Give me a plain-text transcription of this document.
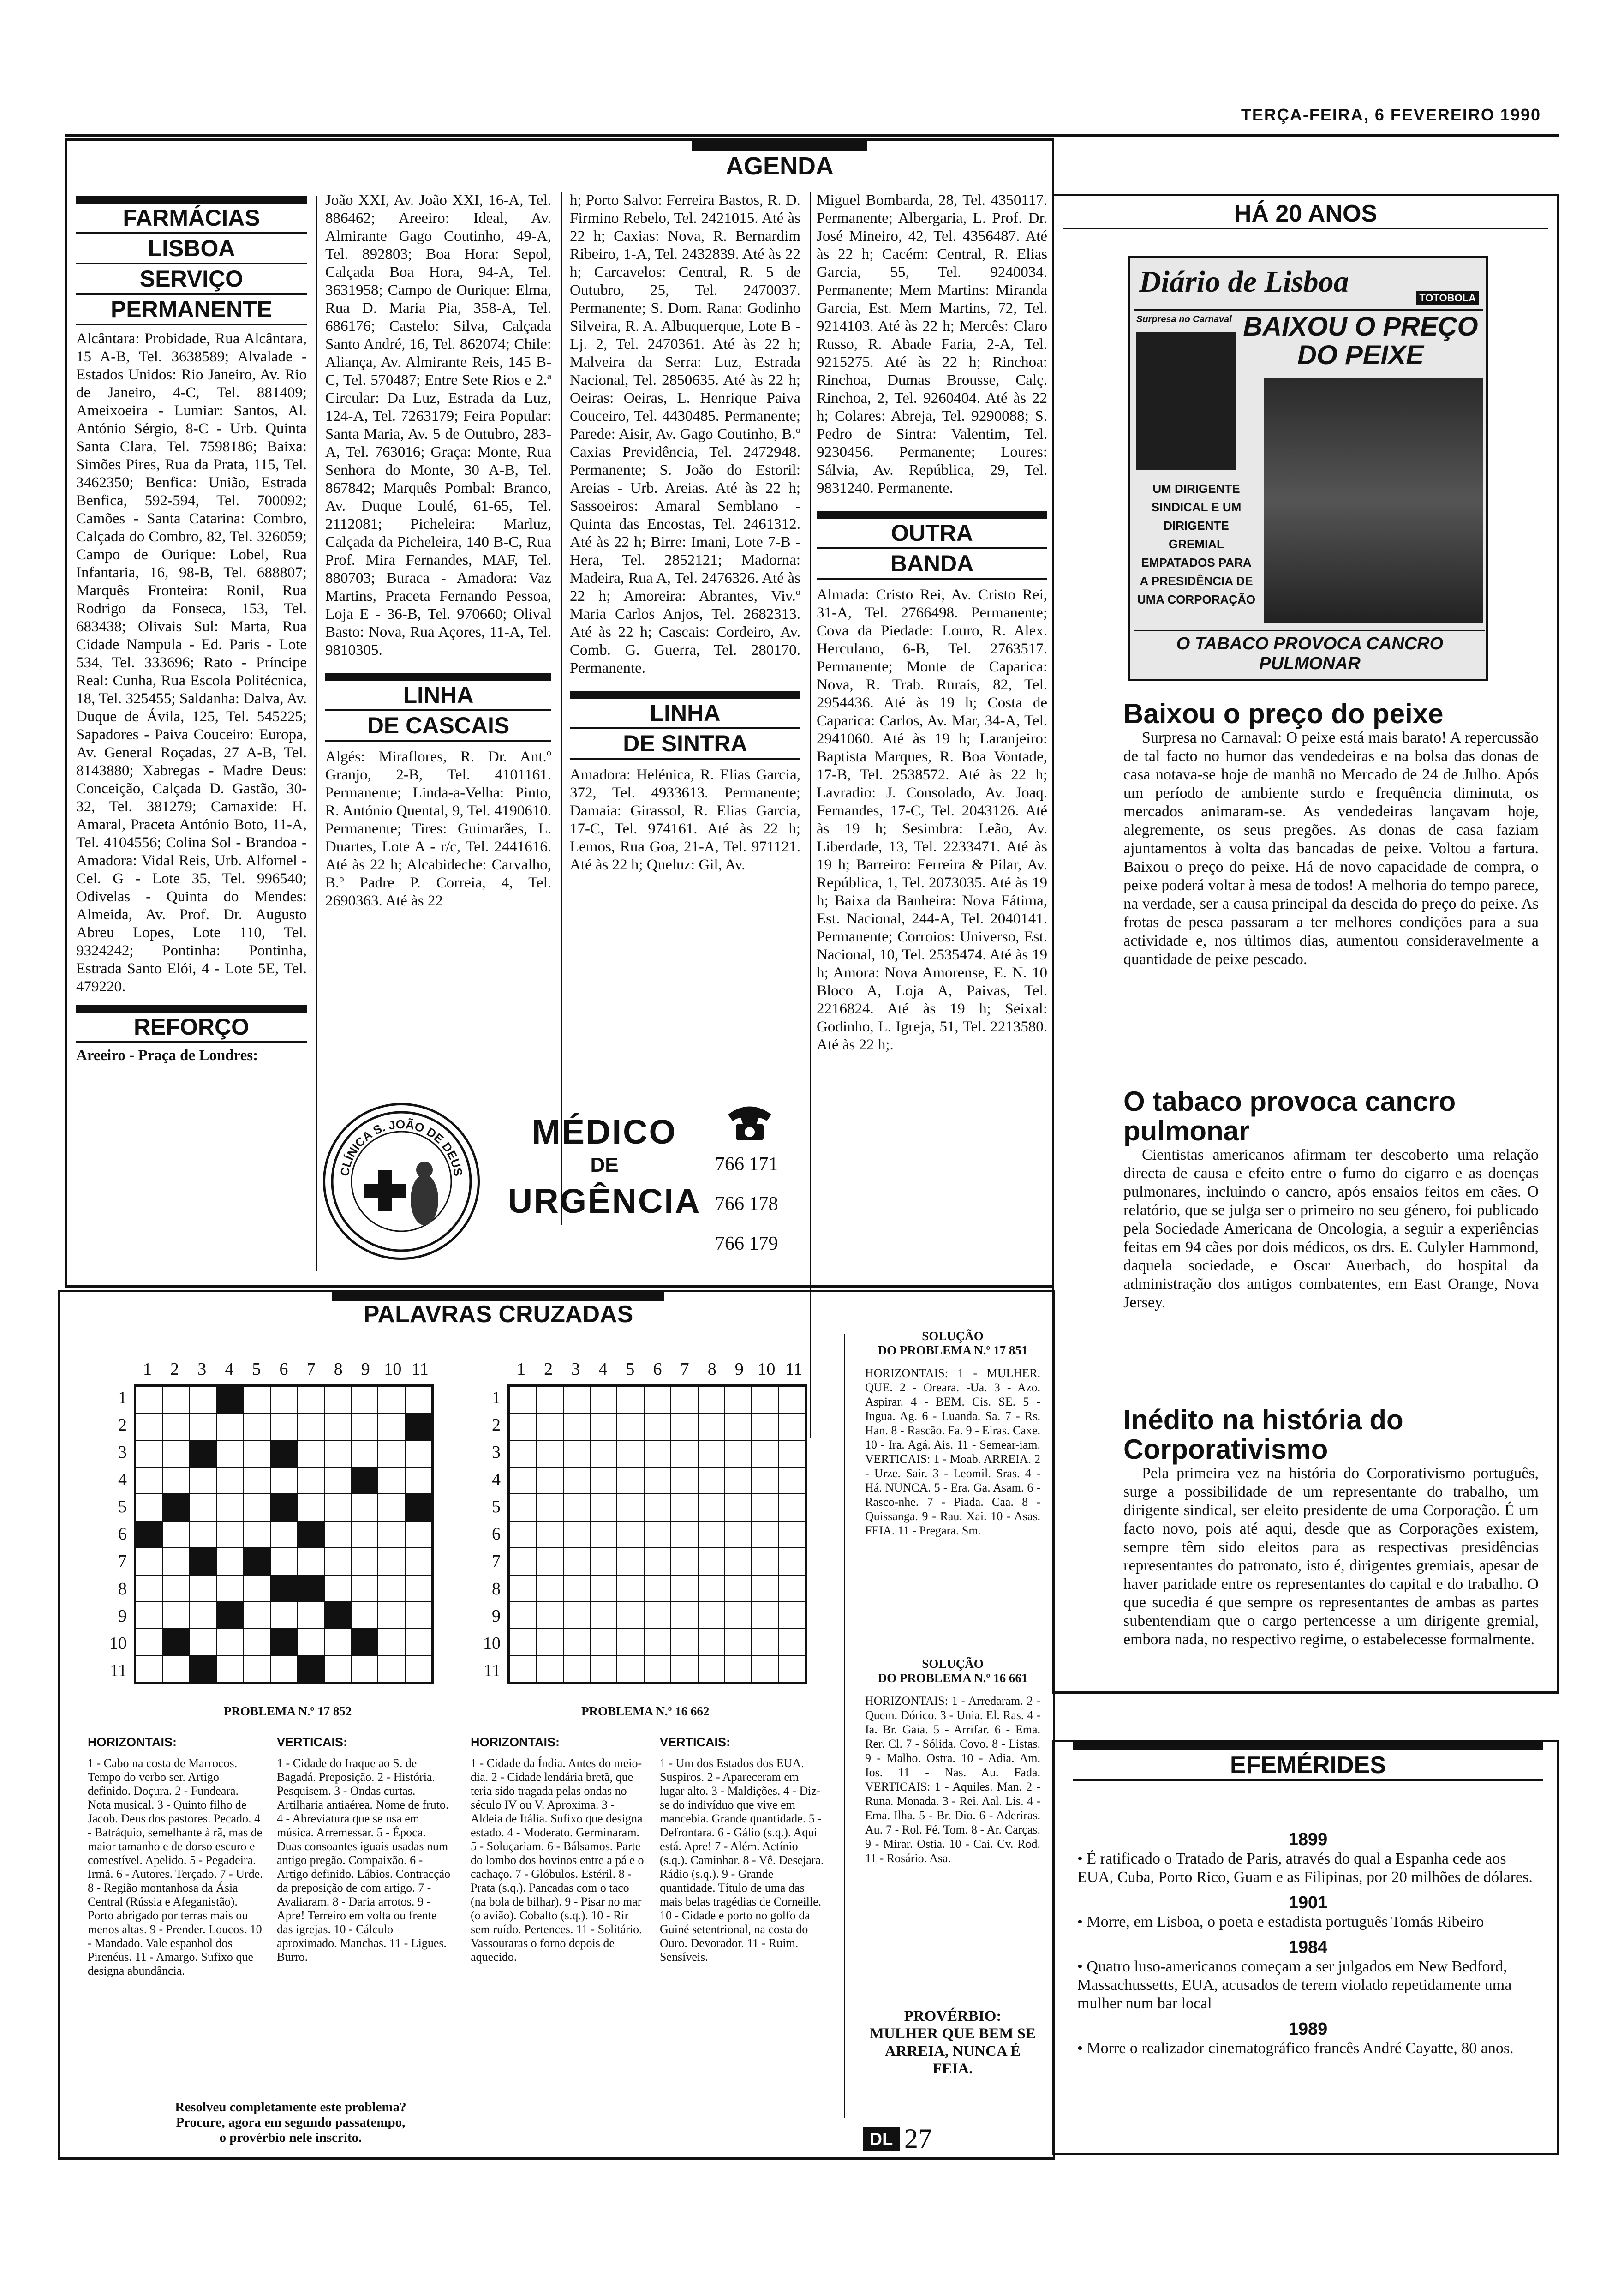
TERÇA-FEIRA, 6 FEVEREIRO 1990
AGENDA
FARMÁCIAS
LISBOA
SERVIÇO
PERMANENTE
Alcântara: Probidade, Rua Alcântara, 15 A-B, Tel. 3638589; Alvalade - Estados Unidos: Rio Janeiro, Av. Rio de Janeiro, 4-C, Tel. 881409; Ameixoeira - Lumiar: Santos, Al. António Sérgio, 8-C - Urb. Quinta Santa Clara, Tel. 7598186; Baixa: Simões Pires, Rua da Prata, 115, Tel. 3462350; Benfica: União, Estrada Benfica, 592-594, Tel. 700092; Camões - Santa Catarina: Combro, Calçada do Combro, 82, Tel. 326059; Campo de Ourique: Lobel, Rua Infantaria, 16, 98-B, Tel. 688807; Marquês Fronteira: Ronil, Rua Rodrigo da Fonseca, 153, Tel. 683438; Olivais Sul: Marta, Rua Cidade Nampula - Ed. Paris - Lote 534, Tel. 333696; Rato - Príncipe Real: Cunha, Rua Escola Politécnica, 18, Tel. 325455; Saldanha: Dalva, Av. Duque de Ávila, 125, Tel. 545225; Sapadores - Paiva Couceiro: Europa, Av. General Roçadas, 27 A-B, Tel. 8143880; Xabregas - Madre Deus: Conceição, Calçada D. Gastão, 30-32, Tel. 381279; Carnaxide: H. Amaral, Praceta António Boto, 11-A, Tel. 4104556; Colina Sol - Brandoa - Amadora: Vidal Reis, Urb. Alfornel - Cel. G - Lote 35, Tel. 996540; Odivelas - Quinta do Mendes: Almeida, Av. Prof. Dr. Augusto Abreu Lopes, Lote 110, Tel. 9324242; Pontinha: Pontinha, Estrada Santo Elói, 4 - Lote 5E, Tel. 479220.
REFORÇO
Areeiro - Praça de Londres:
João XXI, Av. João XXI, 16-A, Tel. 886462; Areeiro: Ideal, Av. Almirante Gago Coutinho, 49-A, Tel. 892803; Boa Hora: Sepol, Calçada Boa Hora, 94-A, Tel. 3631958; Campo de Ourique: Elma, Rua D. Maria Pia, 358-A, Tel. 686176; Castelo: Silva, Calçada Santo André, 16, Tel. 862074; Chile: Aliança, Av. Almirante Reis, 145 B-C, Tel. 570487; Entre Sete Rios e 2.ª Circular: Da Luz, Estrada da Luz, 124-A, Tel. 7263179; Feira Popular: Santa Maria, Av. 5 de Outubro, 283-A, Tel. 763016; Graça: Monte, Rua Senhora do Monte, 30 A-B, Tel. 867842; Marquês Pombal: Branco, Av. Duque Loulé, 61-65, Tel. 2112081; Picheleira: Marluz, Calçada da Picheleira, 140 B-C, Rua Prof. Mira Fernandes, MAF, Tel. 880703; Buraca - Amadora: Vaz Martins, Praceta Fernando Pessoa, Loja E - 36-B, Tel. 970660; Olival Basto: Nova, Rua Açores, 11-A, Tel. 9810305.
LINHA
DE CASCAIS
Algés: Miraflores, R. Dr. Ant.º Granjo, 2-B, Tel. 4101161. Permanente; Linda-a-Velha: Pinto, R. António Quental, 9, Tel. 4190610. Permanente; Tires: Guimarães, L. Duartes, Lote A - r/c, Tel. 2441616. Até às 22 h; Alcabideche: Carvalho, B.º Padre P. Correia, 4, Tel. 2690363. Até às 22
h; Porto Salvo: Ferreira Bastos, R. D. Firmino Rebelo, Tel. 2421015. Até às 22 h; Caxias: Nova, R. Bernardim Ribeiro, 1-A, Tel. 2432839. Até às 22 h; Carcavelos: Central, R. 5 de Outubro, 25, Tel. 2470037. Permanente; S. Dom. Rana: Godinho Silveira, R. A. Albuquerque, Lote B - Lj. 2, Tel. 2470361. Até às 22 h; Malveira da Serra: Luz, Estrada Nacional, Tel. 2850635. Até às 22 h; Oeiras: Oeiras, L. Henrique Paiva Couceiro, Tel. 4430485. Permanente; Parede: Aisir, Av. Gago Coutinho, B.º Caxias Previdência, Tel. 2472948. Permanente; S. João do Estoril: Areias - Urb. Areias. Até às 22 h; Sassoeiros: Amaral Semblano - Quinta das Encostas, Tel. 2461312. Até às 22 h; Birre: Imani, Lote 7-B - Hera, Tel. 2852121; Madorna: Madeira, Rua A, Tel. 2476326. Até às 22 h; Amoreira: Abrantes, Viv.º Maria Carlos Anjos, Tel. 2682313. Até às 22 h; Cascais: Cordeiro, Av. Comb. G. Guerra, Tel. 280170. Permanente.
LINHA
DE SINTRA
Amadora: Helénica, R. Elias Garcia, 372, Tel. 4933613. Permanente; Damaia: Girassol, R. Elias Garcia, 17-C, Tel. 974161. Até às 22 h; Lemos, Rua Goa, 21-A, Tel. 971121. Até às 22 h; Queluz: Gil, Av.
Miguel Bombarda, 28, Tel. 4350117. Permanente; Albergaria, L. Prof. Dr. José Mineiro, 42, Tel. 4356487. Até às 22 h; Cacém: Central, R. Elias Garcia, 55, Tel. 9240034. Permanente; Mem Martins: Miranda Garcia, Est. Mem Martins, 72, Tel. 9214103. Até às 22 h; Mercês: Claro Russo, R. Abade Faria, 2-A, Tel. 9215275. Até às 22 h; Rinchoa: Rinchoa, Dumas Brousse, Calç. Rinchoa, 2, Tel. 9260404. Até às 22 h; Colares: Abreja, Tel. 9290088; S. Pedro de Sintra: Valentim, Tel. 9230456. Permanente; Loures: Sálvia, Av. República, 29, Tel. 9831240. Permanente.
OUTRA
BANDA
Almada: Cristo Rei, Av. Cristo Rei, 31-A, Tel. 2766498. Permanente; Cova da Piedade: Louro, R. Alex. Herculano, 6-B, Tel. 2763517. Permanente; Monte de Caparica: Nova, R. Trab. Rurais, 82, Tel. 2954436. Até às 19 h; Costa de Caparica: Carlos, Av. Mar, 34-A, Tel. 2941060. Até às 19 h; Laranjeiro: Baptista Marques, R. Boa Vontade, 17-B, Tel. 2538572. Até às 22 h; Lavradio: J. Consolado, Av. Joaq. Fernandes, 17-C, Tel. 2043126. Até às 19 h; Sesimbra: Leão, Av. Liberdade, 13, Tel. 2233471. Até às 19 h; Barreiro: Ferreira & Pilar, Av. República, 1, Tel. 2073035. Até às 19 h; Baixa da Banheira: Nova Fátima, Est. Nacional, 244-A, Tel. 2040141. Permanente; Corroios: Universo, Est. Nacional, 10, Tel. 2535474. Até às 19 h; Amora: Nova Amorense, E. N. 10 Bloco A, Loja A, Paivas, Tel. 2216824. Até às 19 h; Seixal: Godinho, L. Igreja, 51, Tel. 2213580. Até às 22 h;.
CLÍNICA S. JOÃO DE DEUS
MÉDICO
DE
URGÊNCIA
766 171
766 178
766 179
HÁ 20 ANOS
Diário de Lisboa	TOTOBOLA
Surpresa no Carnaval BAIXOU O PREÇO DO PEIXE
UM DIRIGENTE SINDICAL E UM DIRIGENTE GREMIAL EMPATADOS PARA A PRESIDÊNCIA DE UMA CORPORAÇÃO
O TABACO PROVOCA CANCRO PULMONAR
Baixou o preço do peixe
Surpresa no Carnaval: O peixe está mais barato! A repercussão de tal facto no humor das vendedeiras e na bolsa das donas de casa notava-se hoje de manhã no Mercado de 24 de Julho. Após um período de ambiente surdo e frequência diminuta, os mercados animaram-se. As vendedeiras lançavam hoje, alegremente, os seus pregões. As donas de casa faziam ajuntamentos à volta das bancadas de peixe. Voltou a fartura. Baixou o preço do peixe. Há de novo capacidade de compra, o peixe poderá voltar à mesa de todos! A melhoria do tempo parece, na verdade, ser a causa principal da descida do preço do peixe. As frotas de pesca passaram a ter melhores condições para a sua actividade e, nos últimos dias, aumentou consideravelmente a quantidade de peixe pescado.
O tabaco provoca cancro pulmonar
Cientistas americanos afirmam ter descoberto uma relação directa de causa e efeito entre o fumo do cigarro e as doenças pulmonares, incluindo o cancro, após ensaios feitos em cães. O relatório, que se julga ser o primeiro no seu género, foi publicado pela Sociedade Americana de Oncologia, a seguir a experiências feitas em 94 cães por dois médicos, os drs. E. Culyler Hammond, daquela sociedade, e Oscar Auerbach, do hospital da administração dos antigos combatentes, em East Orange, Nova Jersey.
Inédito na história do Corporativismo
Pela primeira vez na história do Corporativismo português, surge a possibilidade de um representante do trabalho, um dirigente sindical, ser eleito presidente de uma Corporação. É um facto novo, pois até aqui, desde que as Corporações existem, sempre têm sido eleitos para as respectivas presidências representantes do patronato, isto é, dirigentes gremiais, apesar de haver paridade entre os representantes do capital e do trabalho. O que sucedia é que sempre os representantes de ambas as partes subentendiam que o cargo pertencesse a um dirigente gremial, embora nada, no respectivo regime, o estabelecesse formalmente.
EFEMÉRIDES
1899
• É ratificado o Tratado de Paris, através do qual a Espanha cede aos EUA, Cuba, Porto Rico, Guam e as Filipinas, por 20 milhões de dólares.
1901
• Morre, em Lisboa, o poeta e estadista português Tomás Ribeiro
1984
• Quatro luso-americanos começam a ser julgados em New Bedford, Massachussetts, EUA, acusados de terem violado repetidamente uma mulher num bar local
1989
• Morre o realizador cinematográfico francês André Cayatte, 80 anos.
PALAVRAS CRUZADAS
1	2	3	4	5	6	7	8	9 10 11
1
2
3
4
5
6
7
8
9
10
11
1	2	3	4	5	6	7	8	9 10 11
1
2
3
4
5
6
7
8
9
10
11
PROBLEMA N.º 17 852	PROBLEMA N.º 16 662
HORIZONTAIS:
1 - Cabo na costa de Marrocos. Tempo do verbo ser. Artigo definido. Doçura. 2 - Fundeara. Nota musical. 3 - Quinto filho de Jacob. Deus dos pastores. Pecado. 4 - Batráquio, semelhante à rã, mas de maior tamanho e de dorso escuro e comestível. Apelido. 5 - Pegadeira. Irmã. 6 - Autores. Terçado. 7 - Urde. 8 - Região montanhosa da Ásia Central (Rússia e Afeganistão). Porto abrigado por terras mais ou menos altas. 9 - Prender. Loucos. 10 - Mandado. Vale espanhol dos Pirenéus. 11 - Amargo. Sufixo que designa abundância.
VERTICAIS:
1 - Cidade do Iraque ao S. de Bagadá. Preposição. 2 - História. Pesquisem. 3 - Ondas curtas. Artilharia antiaérea. Nome de fruto. 4 - Abreviatura que se usa em música. Arremessar. 5 - Época. Duas consoantes iguais usadas num antigo pregão. Compaixão. 6 - Artigo definido. Lábios. Contracção da preposição de com artigo. 7 - Avaliaram. 8 - Daria arrotos. 9 - Apre! Terreiro em volta ou frente das igrejas. 10 - Cálculo aproximado. Manchas. 11 - Ligues. Burro.
HORIZONTAIS:
1 - Cidade da Índia. Antes do meio-dia. 2 - Cidade lendária bretã, que teria sido tragada pelas ondas no século IV ou V. Aproxima. 3 - Aldeia de Itália. Sufixo que designa estado. 4 - Moderato. Germinaram. 5 - Soluçariam. 6 - Bálsamos. Parte do lombo dos bovinos entre a pá e o cachaço. 7 - Glóbulos. Estéril. 8 - Prata (s.q.). Pancadas com o taco (na bola de bilhar). 9 - Pisar no mar (o avião). Cobalto (s.q.). 10 - Rir sem ruído. Pertences. 11 - Solitário. Vassouraras o forno depois de aquecido.
VERTICAIS:
1 - Um dos Estados dos EUA. Suspiros. 2 - Apareceram em lugar alto. 3 - Maldições. 4 - Diz-se do indivíduo que vive em mancebia. Grande quantidade. 5 - Defrontara. 6 - Gálio (s.q.). Aqui está. Apre! 7 - Além. Actínio (s.q.). Caminhar. 8 - Vê. Desejara. Rádio (s.q.). 9 - Grande quantidade. Título de uma das mais belas tragédias de Corneille. 10 - Cidade e porto no golfo da Guiné setentrional, na costa do Ouro. Devorador. 11 - Ruim. Sensíveis.
Resolveu completamente este problema?
Procure, agora em segundo passatempo,
o provérbio nele inscrito.
SOLUÇÃO
DO PROBLEMA N.º 17 851
HORIZONTAIS: 1 - MULHER. QUE. 2 - Oreara. -Ua. 3 - Azo. Aspirar. 4 - BEM. Cis. SE. 5 - Ingua. Ag. 6 - Luanda. Sa. 7 - Rs. Han. 8 - Rascão. Fa. 9 - Eiras. Caxe. 10 - Ira. Agá. Ais. 11 - Semear-iam. VERTICAIS: 1 - Moab. ARREIA. 2 - Urze. Sair. 3 - Leomil. Sras. 4 - Há. NUNCA. 5 - Era. Ga. Asam. 6 - Rasco-nhe. 7 - Piada. Caa. 8 - Quissanga. 9 - Rau. Xai. 10 - Asas. FEIA. 11 - Pregara. Sm.
SOLUÇÃO
DO PROBLEMA N.º 16 661
HORIZONTAIS: 1 - Arredaram. 2 - Quem. Dórico. 3 - Unia. El. Ras. 4 - Ia. Br. Gaia. 5 - Arrifar. 6 - Ema. Rer. Cl. 7 - Sólida. Covo. 8 - Listas. 9 - Malho. Ostra. 10 - Adia. Am. Ios. 11 - Nas. Au. Fada. VERTICAIS: 1 - Aquiles. Man. 2 - Runa. Monada. 3 - Rei. Aal. Lis. 4 - Ema. Ilha. 5 - Br. Dio. 6 - Aderiras. Au. 7 - Rol. Fé. Tom. 8 - Ar. Carças. 9 - Mirar. Ostia. 10 - Cai. Cv. Rod. 11 - Rosário. Asa.
PROVÉRBIO:
MULHER QUE BEM SE ARREIA, NUNCA É FEIA.
DL 27
